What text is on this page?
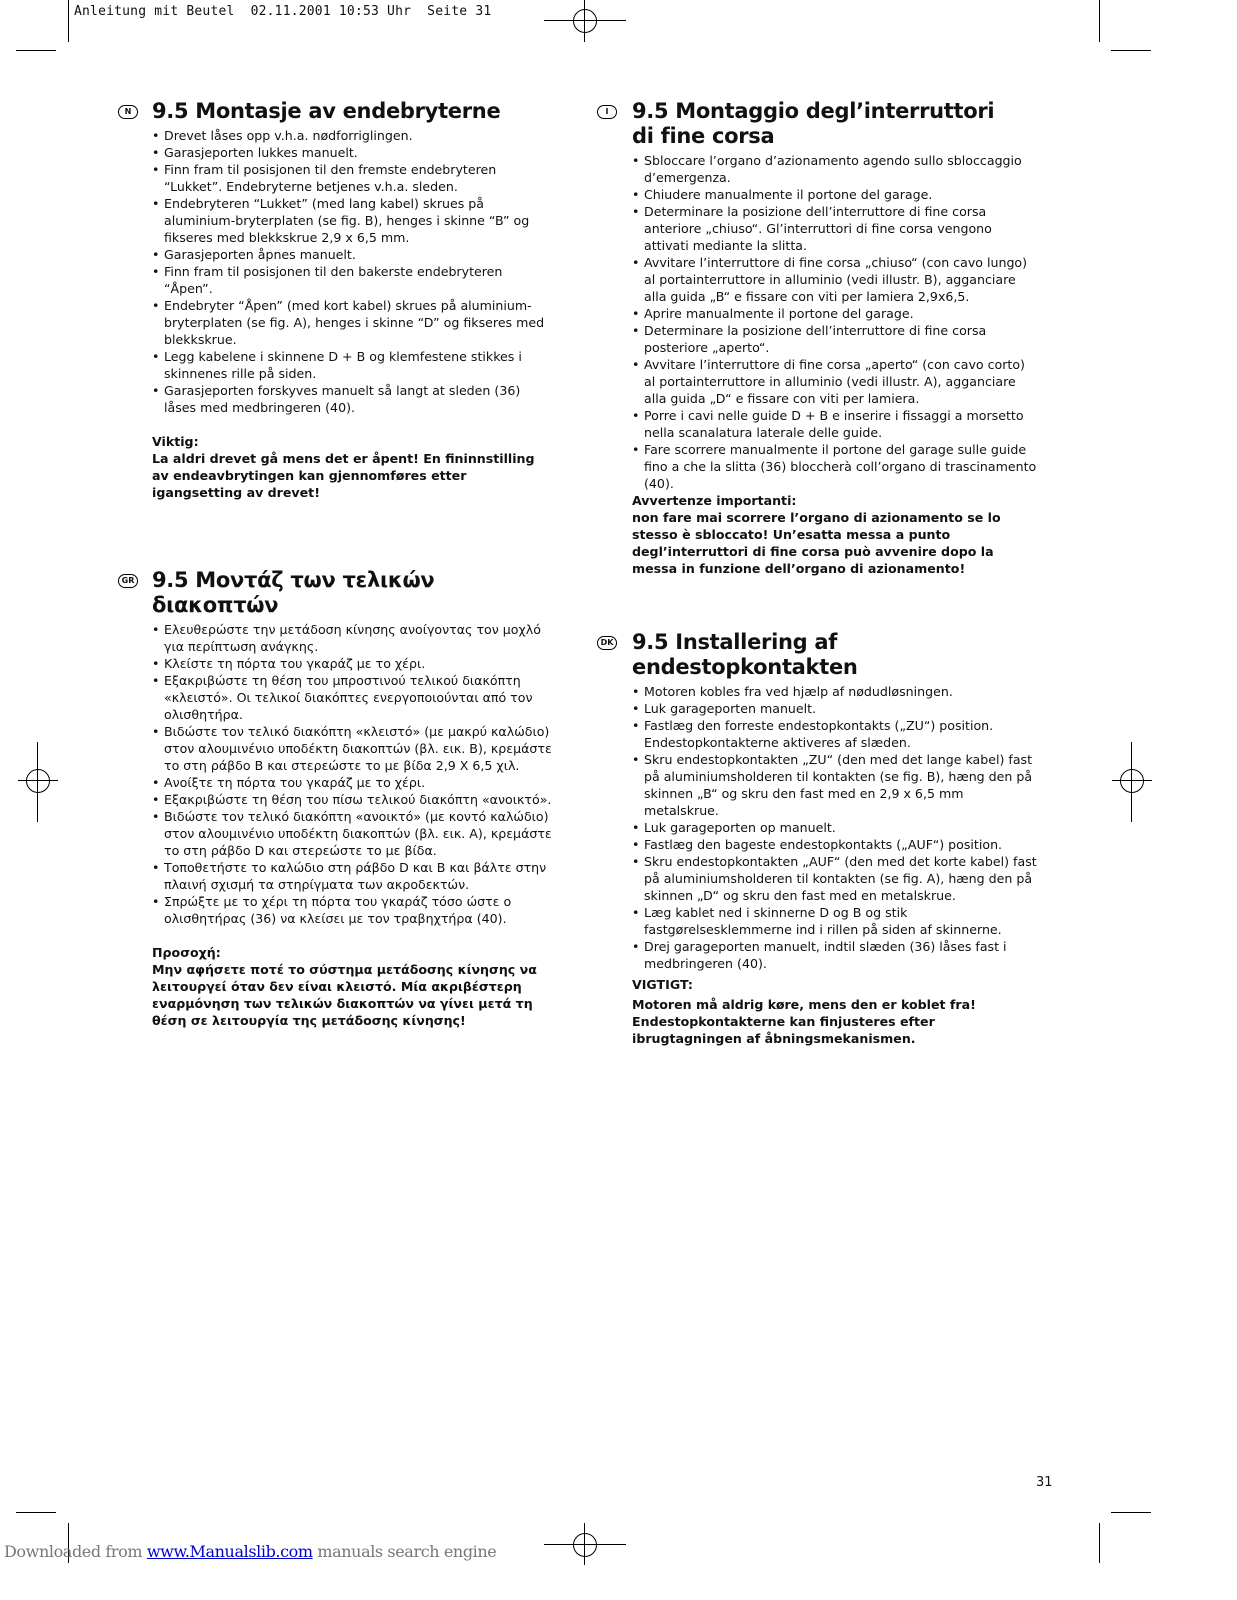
Anleitung mit Beutel  02.11.2001 10:53 Uhr  Seite 31
N 9.5 Montasje av endebryterne
• Drevet låses opp v.h.a. nødforriglingen.
• Garasjeporten lukkes manuelt.
• Finn fram til posisjonen til den fremste endebryteren “Lukket”. Endebryterne betjenes v.h.a. sleden.
• Endebryteren “Lukket” (med lang kabel) skrues på aluminium-bryterplaten (se fig. B), henges i skinne “B” og fikseres med blekkskrue 2,9 x 6,5 mm.
• Garasjeporten åpnes manuelt.
• Finn fram til posisjonen til den bakerste endebryteren “Åpen”.
• Endebryter “Åpen” (med kort kabel) skrues på aluminium-bryterplaten (se fig. A), henges i skinne “D” og fikseres med blekkskrue.
• Legg kabelene i skinnene D + B og klemfestene stikkes i skinnenes rille på siden.
• Garasjeporten forskyves manuelt så langt at sleden (36) låses med medbringeren (40).
Viktig:
La aldri drevet gå mens det er åpent! En fininnstilling av endeavbrytingen kan gjennomføres etter igangsetting av drevet!
GR 9.5 Μοντάζ των τελικών διακοπτών
• Ελευθερώστε την μετάδοση κίνησης ανοίγοντας τον μοχλό για περίπτωση ανάγκης.
• Κλείστε τη πόρτα του γκαράζ με το χέρι.
• Εξακριβώστε τη θέση του μπροστινού τελικού διακόπτη «κλειστό». Οι τελικοί διακόπτες ενεργοποιούνται από τον ολισθητήρα.
• Βιδώστε τον τελικό διακόπτη «κλειστό» (με μακρύ καλώδιο) στον αλουμινένιο υποδέκτη διακοπτών (βλ. εικ. B), κρεμάστε το στη ράβδο B και στερεώστε το με βίδα 2,9 X 6,5 χιλ.
• Ανοίξτε τη πόρτα του γκαράζ με το χέρι.
• Εξακριβώστε τη θέση του πίσω τελικού διακόπτη «ανοικτό».
• Βιδώστε τον τελικό διακόπτη «ανοικτό» (με κοντό καλώδιο) στον αλουμινένιο υποδέκτη διακοπτών (βλ. εικ. A), κρεμάστε το στη ράβδο D και στερεώστε το με βίδα.
• Τοποθετήστε το καλώδιο στη ράβδο D και B και βάλτε στην πλαινή σχισμή τα στηρίγματα των ακροδεκτών.
• Σπρώξτε με το χέρι τη πόρτα του γκαράζ τόσο ώστε ο ολισθητήρας (36) να κλείσει με τον τραβηχτήρα (40).
Προσοχή:
Μην αφήσετε ποτέ το σύστημα μετάδοσης κίνησης να λειτουργεί όταν δεν είναι κλειστό. Μία ακριβέστερη εναρμόνηση των τελικών διακοπτών να γίνει μετά τη θέση σε λειτουργία της μετάδοσης κίνησης!
I	9.5 Montaggio degl’interruttori di fine corsa
• Sbloccare l’organo d’azionamento agendo sullo sbloccaggio d’emergenza.
• Chiudere manualmente il portone del garage.
• Determinare la posizione dell’interruttore di fine corsa anteriore „chiuso“. Gl’interruttori di fine corsa vengono attivati mediante la slitta.
• Avvitare l’interruttore di fine corsa „chiuso“ (con cavo lungo) al portainterruttore in alluminio (vedi illustr. B), agganciare alla guida „B“ e fissare con viti per lamiera 2,9x6,5.
• Aprire manualmente il portone del garage.
• Determinare la posizione dell’interruttore di fine corsa posteriore „aperto“.
• Avvitare l’interruttore di fine corsa „aperto“ (con cavo corto) al portainterruttore in alluminio (vedi illustr. A), agganciare alla guida „D“ e fissare con viti per lamiera.
• Porre i cavi nelle guide D + B e inserire i fissaggi a morsetto nella scanalatura laterale delle guide.
• Fare scorrere manualmente il portone del garage sulle guide fino a che la slitta (36) bloccherà coll’organo di trascinamento (40).
Avvertenze importanti:
non fare mai scorrere l’organo di azionamento se lo stesso è sbloccato! Un’esatta messa a punto degl’interruttori di fine corsa può avvenire dopo la messa in funzione dell’organo di azionamento!
DK 9.5 Installering af endestopkontakten
• Motoren kobles fra ved hjælp af nødudløsningen.
• Luk garageporten manuelt.
• Fastlæg den forreste endestopkontakts („ZU“) position. Endestopkontakterne aktiveres af slæden.
• Skru endestopkontakten „ZU“ (den med det lange kabel) fast på aluminiumsholderen til kontakten (se fig. B), hæng den på skinnen „B“ og skru den fast med en 2,9 x 6,5 mm metalskrue.
• Luk garageporten op manuelt.
• Fastlæg den bageste endestopkontakts („AUF“) position.
• Skru endestopkontakten „AUF“ (den med det korte kabel) fast på aluminiumsholderen til kontakten (se fig. A), hæng den på skinnen „D“ og skru den fast med en metalskrue.
• Læg kablet ned i skinnerne D og B og stik fastgørelsesklemmerne ind i rillen på siden af skinnerne.
• Drej garageporten manuelt, indtil slæden (36) låses fast i medbringeren (40).
VIGTIGT:
Motoren må aldrig køre, mens den er koblet fra! Endestopkontakterne kan finjusteres efter ibrugtagningen af åbningsmekanismen.
31
Downloaded from www.Manualslib.com manuals search engine
